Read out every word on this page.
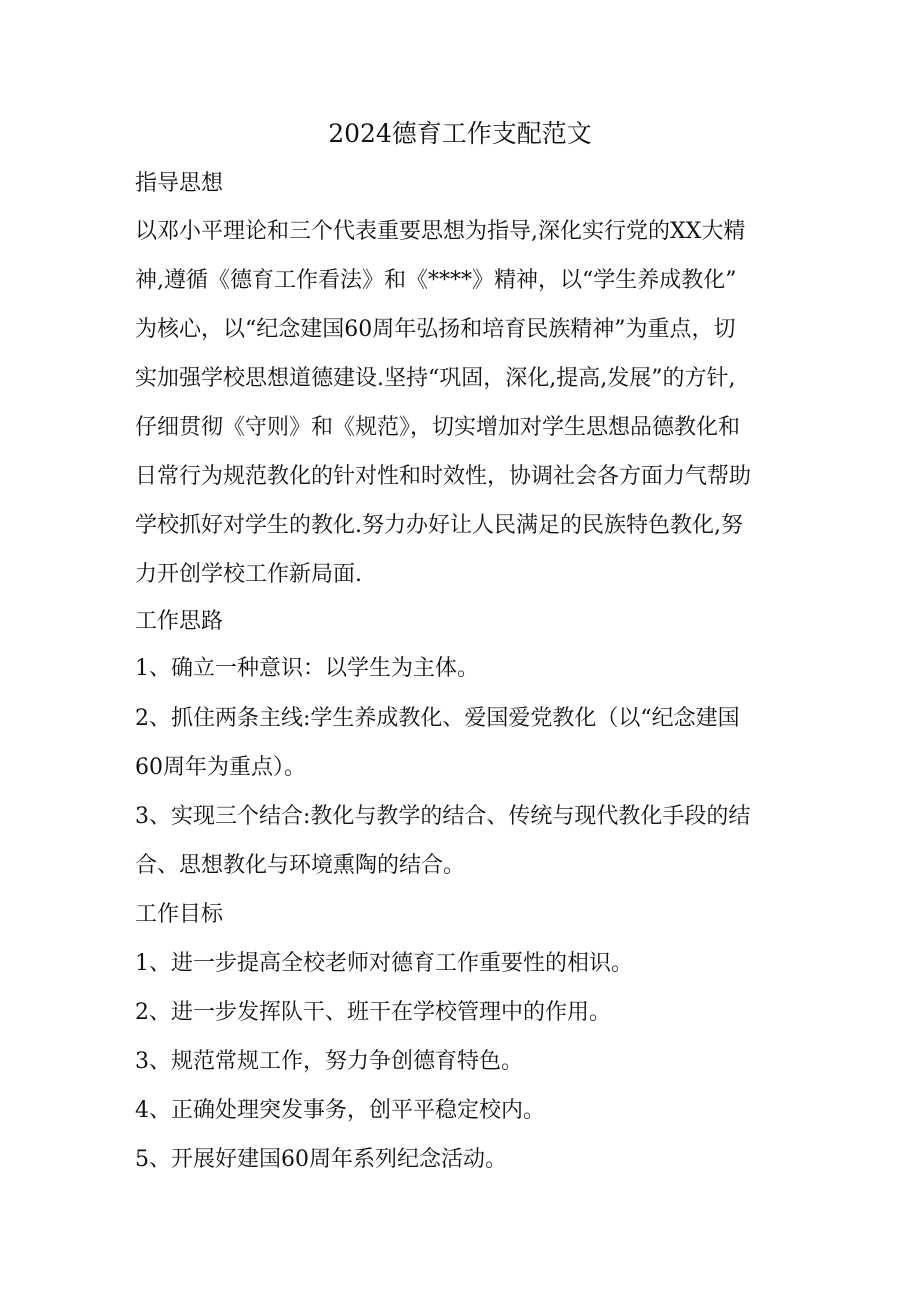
2024德育工作支配范文

指导思想

以邓小平理论和三个代表重要思想为指导,深化实行党的XX大精

神,遵循《德育工作看法》和《****》精神，以“学生养成教化”

为核心，以“纪念建国60周年弘扬和培育民族精神”为重点，切

实加强学校思想道德建设.坚持“巩固，深化,提高,发展”的方针,

仔细贯彻《守则》和《规范》，切实增加对学生思想品德教化和

日常行为规范教化的针对性和时效性，协调社会各方面力气帮助

学校抓好对学生的教化.努力办好让人民满足的民族特色教化,努

力开创学校工作新局面.

工作思路

1、确立一种意识：以学生为主体。

2、抓住两条主线:学生养成教化、爱国爱党教化（以“纪念建国

60周年为重点）。

3、实现三个结合:教化与教学的结合、传统与现代教化手段的结

合、思想教化与环境熏陶的结合。

工作目标

1、进一步提高全校老师对德育工作重要性的相识。

2、进一步发挥队干、班干在学校管理中的作用。

3、规范常规工作，努力争创德育特色。

4、正确处理突发事务，创平平稳定校内。

5、开展好建国60周年系列纪念活动。
